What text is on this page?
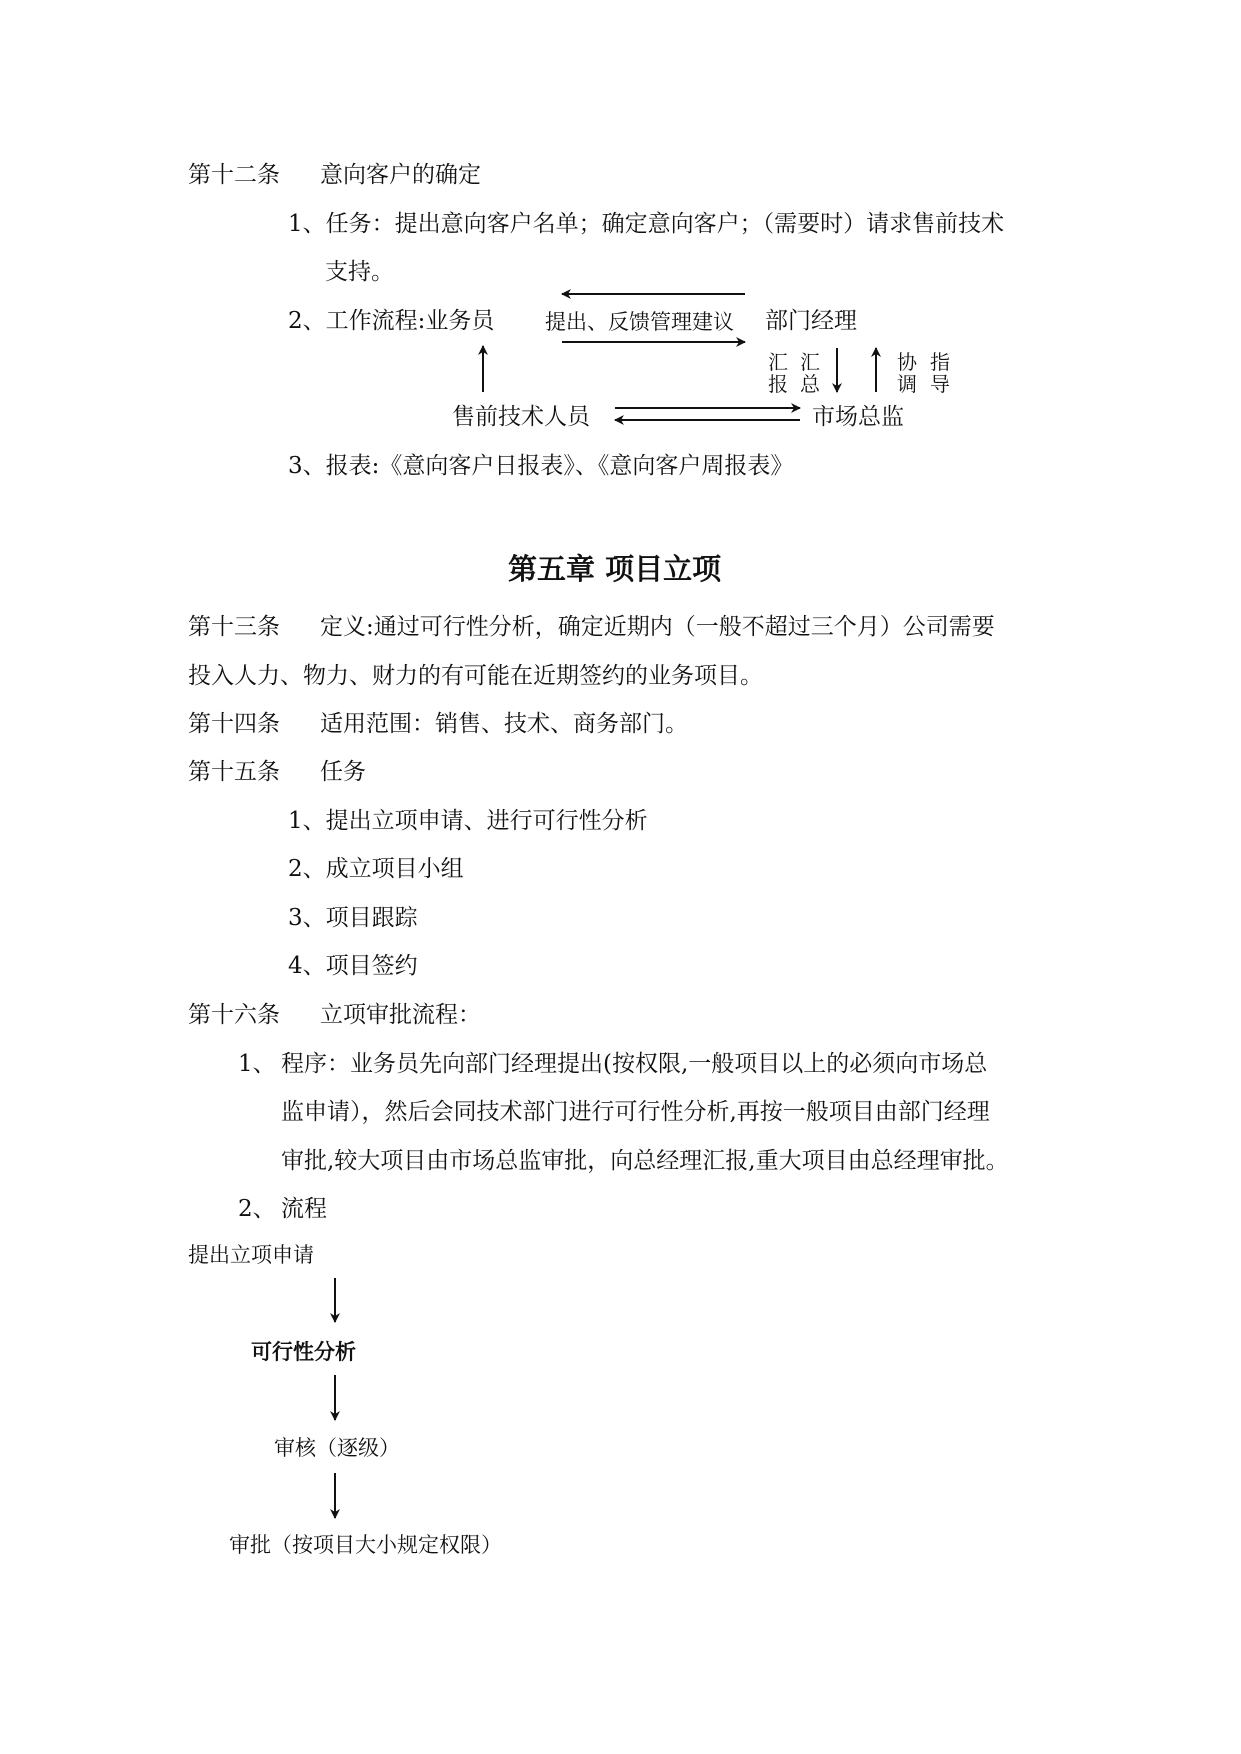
第十二条 意向客户的确定
1、任务：提出意向客户名单；确定意向客户；（需要时）请求售前技术
支持。
2、工作流程:业务员 提出、反馈管理建议 部门经理
售前技术人员	市场总监
汇
报
汇
总
协
调
指
导
3、报表:《意向客户日报表》、《意向客户周报表》
第五章 项目立项
第十三条 定义:通过可行性分析，确定近期内（一般不超过三个月）公司需要
投入人力、物力、财力的有可能在近期签约的业务项目。
第十四条 适用范围：销售、技术、商务部门。
第十五条 任务
1、提出立项申请、进行可行性分析
2、成立项目小组
3、项目跟踪
4、项目签约
第十六条 立项审批流程：
1、 程序：业务员先向部门经理提出(按权限,一般项目以上的必须向市场总
监申请），然后会同技术部门进行可行性分析,再按一般项目由部门经理
审批,较大项目由市场总监审批，向总经理汇报,重大项目由总经理审批。
2、 流程
提出立项申请
可行性分析
审核（逐级）
审批（按项目大小规定权限）
